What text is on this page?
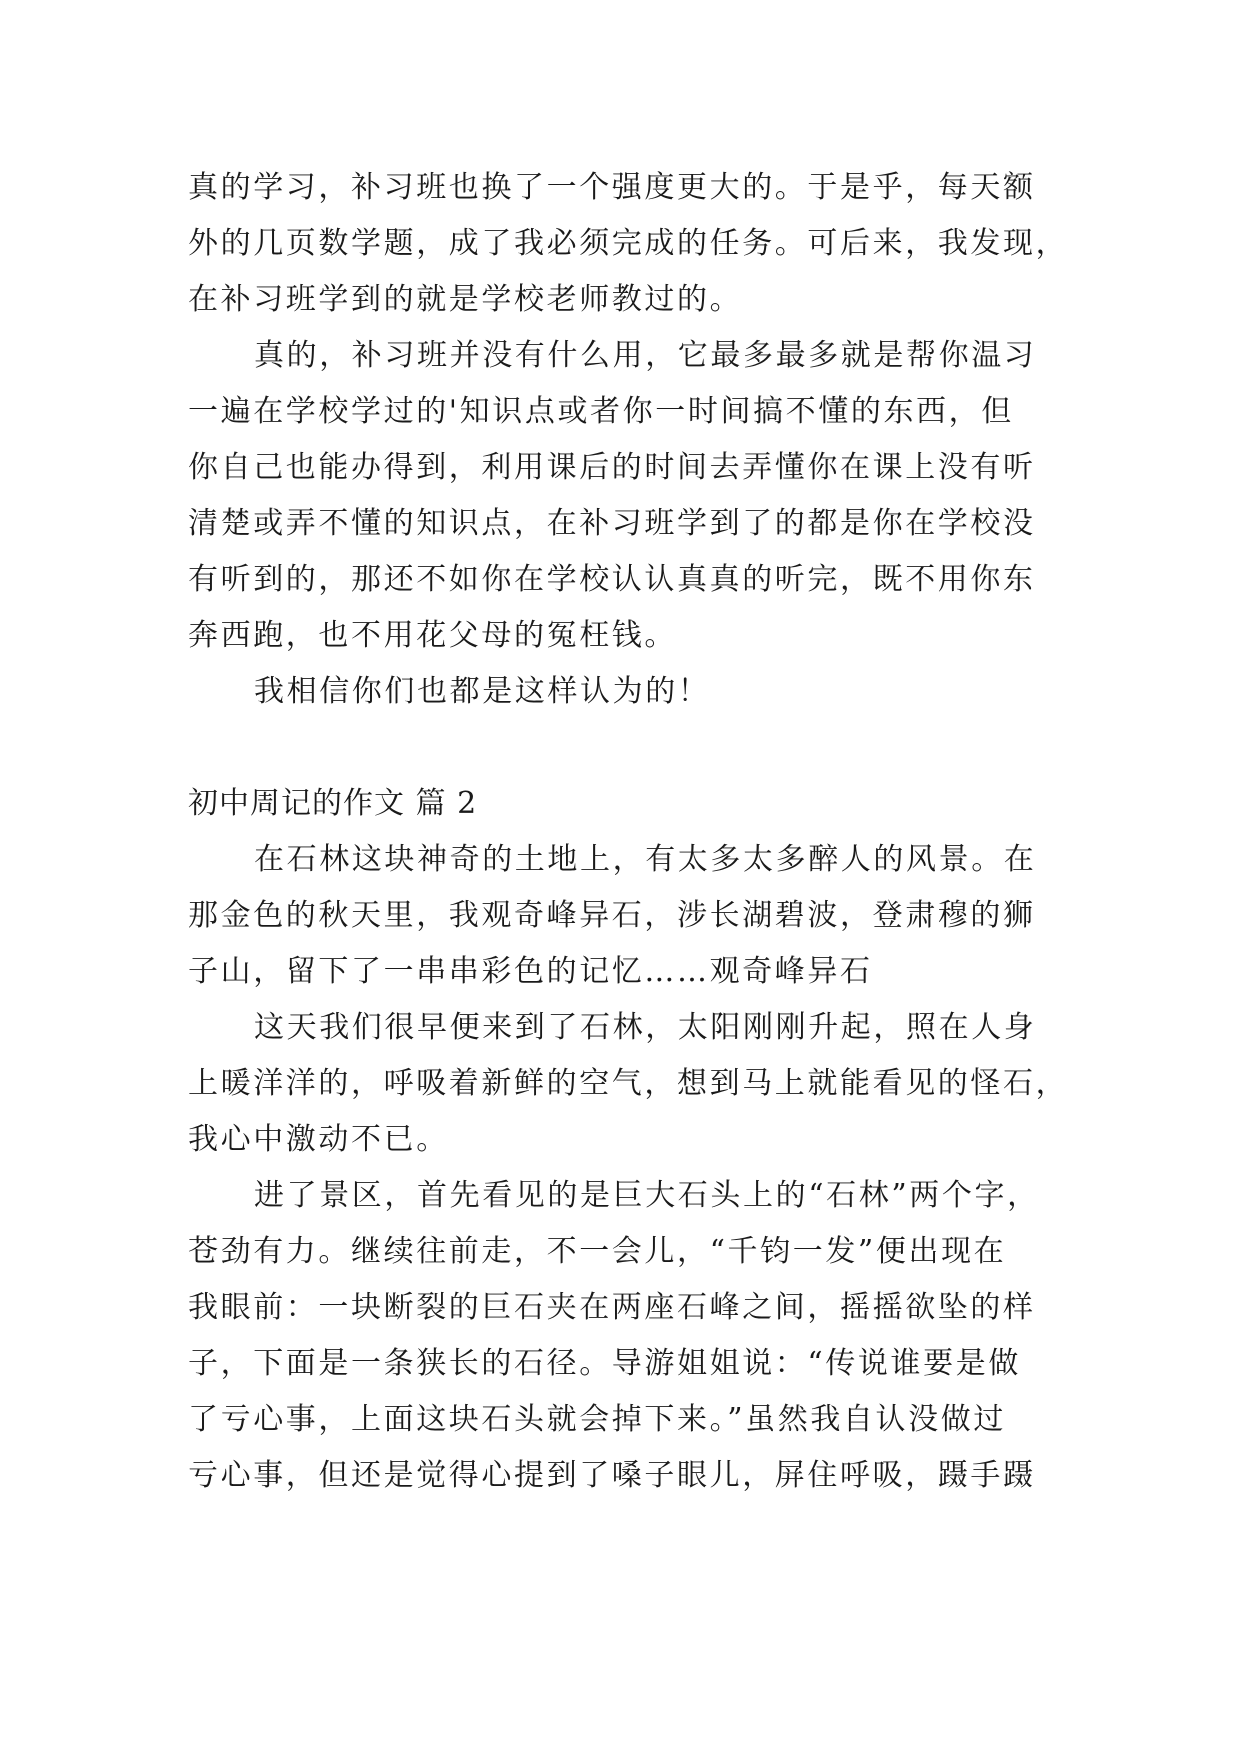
真的学习，补习班也换了一个强度更大的。于是乎，每天额
外的几页数学题，成了我必须完成的任务。可后来，我发现，
在补习班学到的就是学校老师教过的。
真的，补习班并没有什么用，它最多最多就是帮你温习
一遍在学校学过的'知识点或者你一时间搞不懂的东西，但
你自己也能办得到，利用课后的时间去弄懂你在课上没有听
清楚或弄不懂的知识点，在补习班学到了的都是你在学校没
有听到的，那还不如你在学校认认真真的听完，既不用你东
奔西跑，也不用花父母的冤枉钱。
我相信你们也都是这样认为的！
初中周记的作文 篇 2
在石林这块神奇的土地上，有太多太多醉人的风景。在
那金色的秋天里，我观奇峰异石，涉长湖碧波，登肃穆的狮
子山，留下了一串串彩色的记忆……观奇峰异石
这天我们很早便来到了石林，太阳刚刚升起，照在人身
上暖洋洋的，呼吸着新鲜的空气，想到马上就能看见的怪石，
我心中激动不已。
进了景区，首先看见的是巨大石头上的“石林”两个字，
苍劲有力。继续往前走，不一会儿，“千钧一发”便出现在
我眼前：一块断裂的巨石夹在两座石峰之间，摇摇欲坠的样
子，下面是一条狭长的石径。导游姐姐说：“传说谁要是做
了亏心事，上面这块石头就会掉下来。”虽然我自认没做过
亏心事，但还是觉得心提到了嗓子眼儿，屏住呼吸，蹑手蹑
